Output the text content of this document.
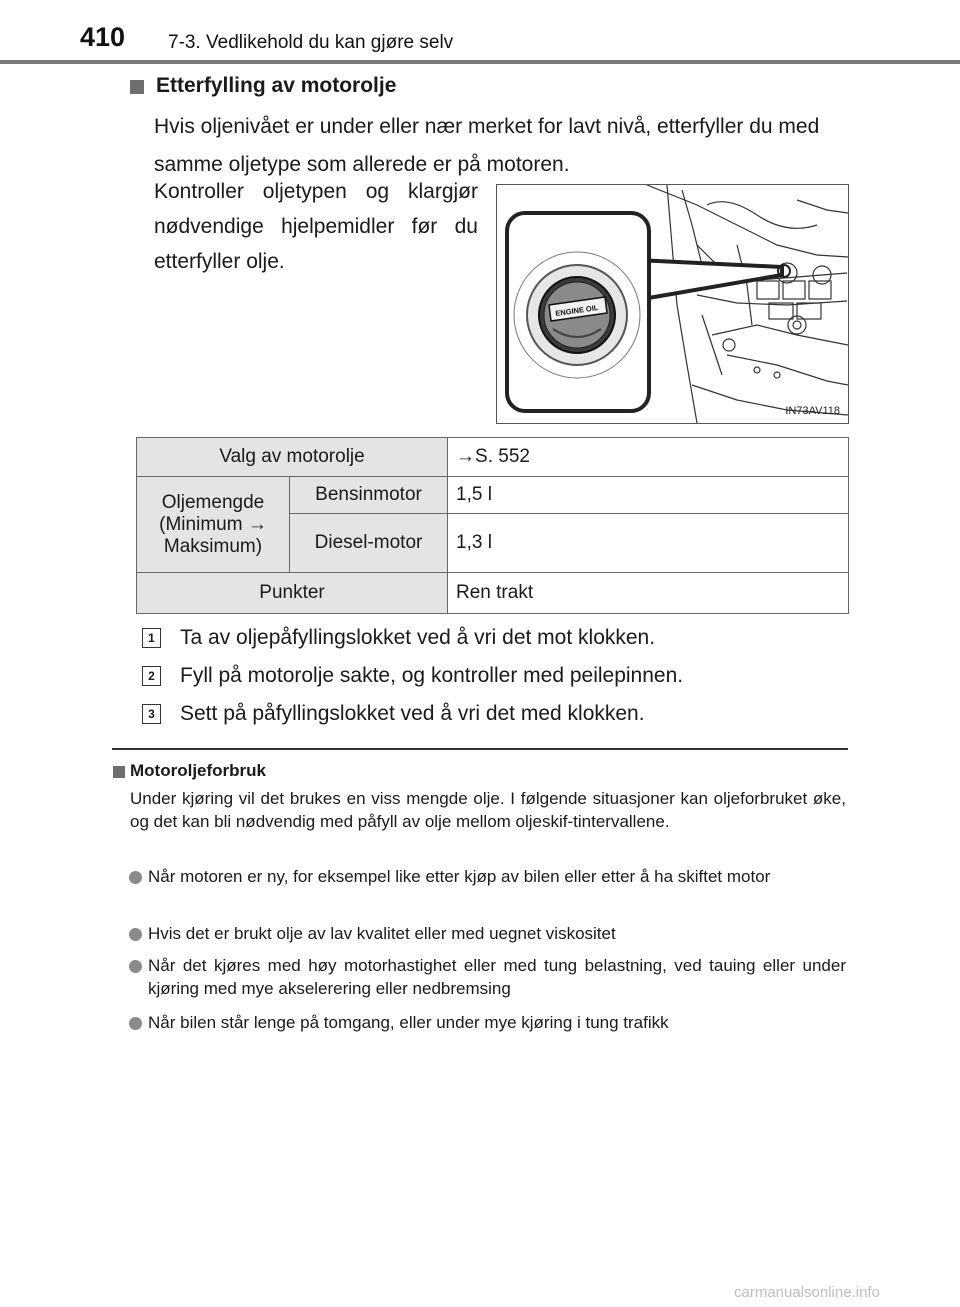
410 7-3. Vedlikehold du kan gjøre selv
Etterfylling av motorolje
Hvis oljenivået er under eller nær merket for lavt nivå, etterfyller du med samme oljetype som allerede er på motoren.
Kontroller oljetypen og klargjør nødvendige hjelpemidler før du etterfyller olje.
ENGINE OIL
IN73AV118
Valg av motorolje		→S. 552
Oljemengde (Minimum → Maksimum)	Bensinmotor	1,5 l
	Diesel-motor	1,3 l
Punkter		Ren trakt
1 Ta av oljepåfyllingslokket ved å vri det mot klokken.
2 Fyll på motorolje sakte, og kontroller med peilepinnen.
3 Sett på påfyllingslokket ved å vri det med klokken.
Motoroljeforbruk
Under kjøring vil det brukes en viss mengde olje. I følgende situasjoner kan oljeforbruket øke, og det kan bli nødvendig med påfyll av olje mellom oljeskif-tintervallene.
Når motoren er ny, for eksempel like etter kjøp av bilen eller etter å ha skiftet motor
Hvis det er brukt olje av lav kvalitet eller med uegnet viskositet
Når det kjøres med høy motorhastighet eller med tung belastning, ved tauing eller under kjøring med mye akselerering eller nedbremsing
Når bilen står lenge på tomgang, eller under mye kjøring i tung trafikk
carmanualsonline.info
